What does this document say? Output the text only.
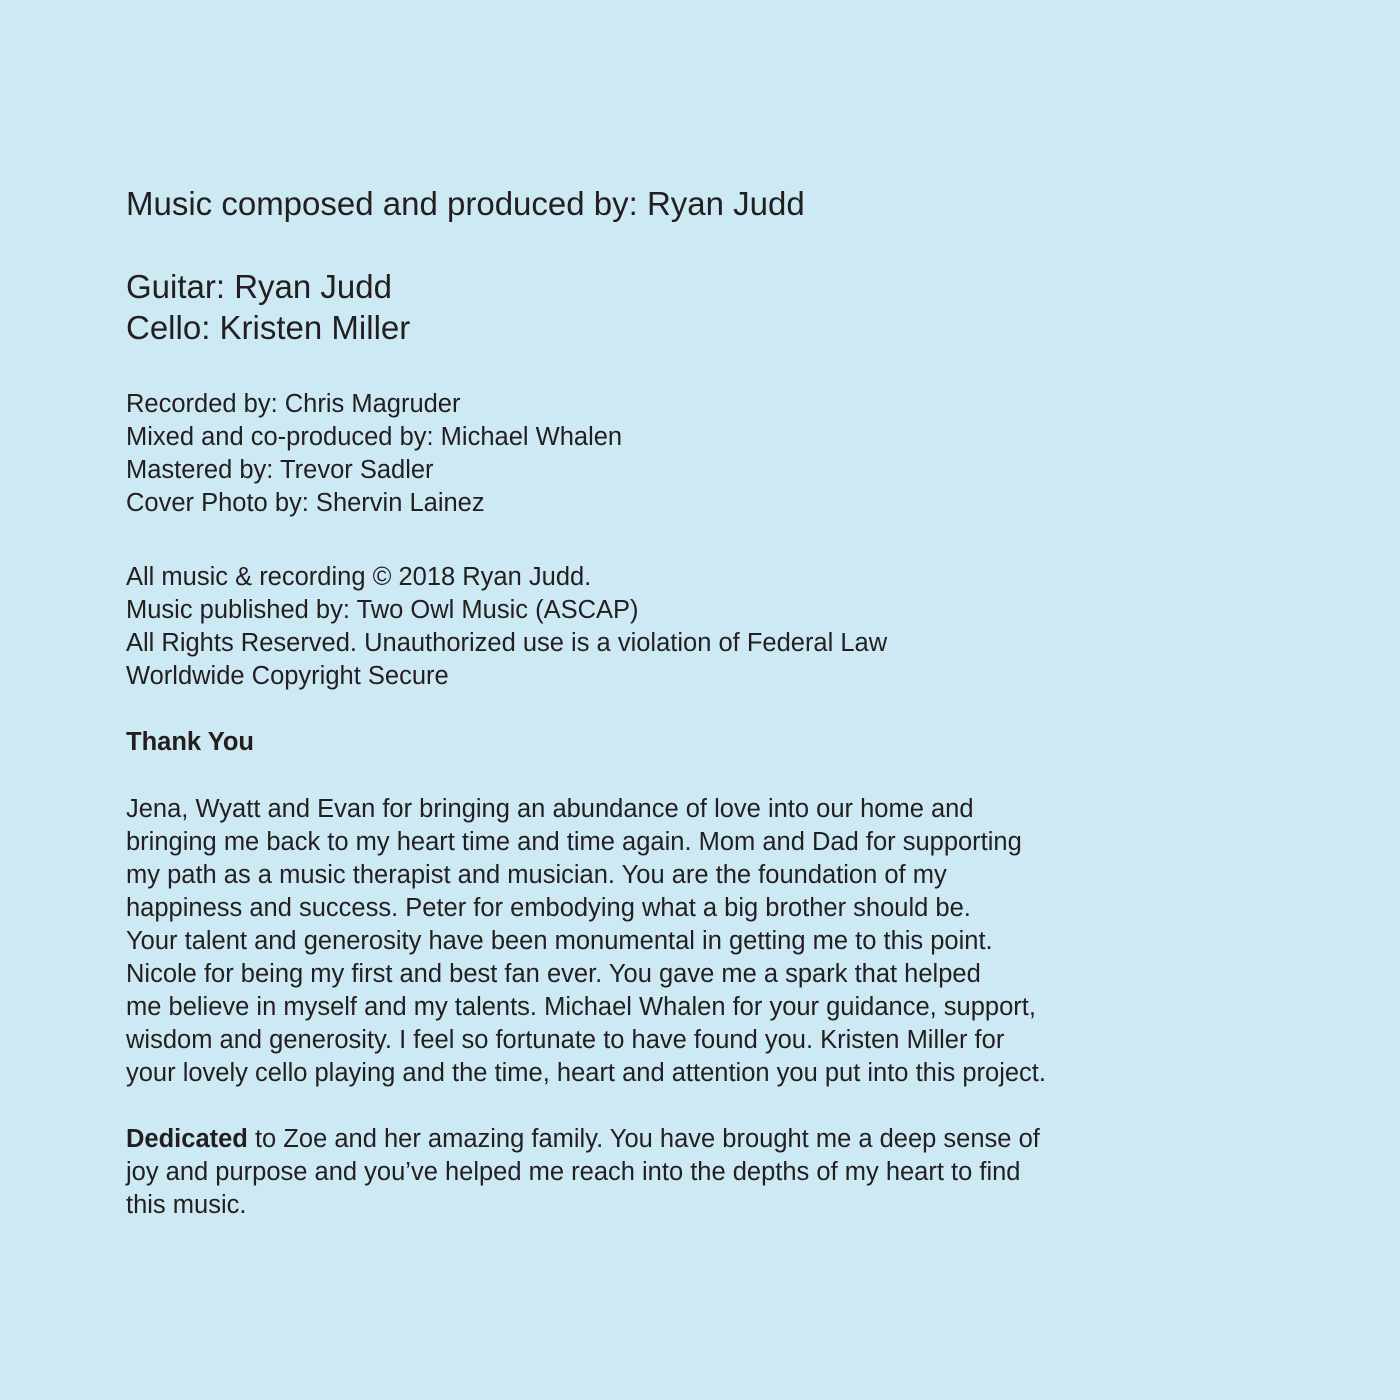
Music composed and produced by: Ryan Judd

Guitar: Ryan Judd

Cello: Kristen Miller

Recorded by: Chris Magruder

Mixed and co-produced by: Michael Whalen

Mastered by: Trevor Sadler

Cover Photo by: Shervin Lainez

All music & recording © 2018 Ryan Judd.

Music published by: Two Owl Music (ASCAP)

All Rights Reserved. Unauthorized use is a violation of Federal Law

Worldwide Copyright Secure

Thank You

Jena, Wyatt and Evan for bringing an abundance of love into our home and

bringing me back to my heart time and time again. Mom and Dad for supporting

my path as a music therapist and musician. You are the foundation of my

happiness and success. Peter for embodying what a big brother should be.

Your talent and generosity have been monumental in getting me to this point.

Nicole for being my first and best fan ever. You gave me a spark that helped

me believe in myself and my talents. Michael Whalen for your guidance, support,

wisdom and generosity. I feel so fortunate to have found you. Kristen Miller for

your lovely cello playing and the time, heart and attention you put into this project.

Dedicated to Zoe and her amazing family. You have brought me a deep sense of

joy and purpose and you’ve helped me reach into the depths of my heart to find

this music.
